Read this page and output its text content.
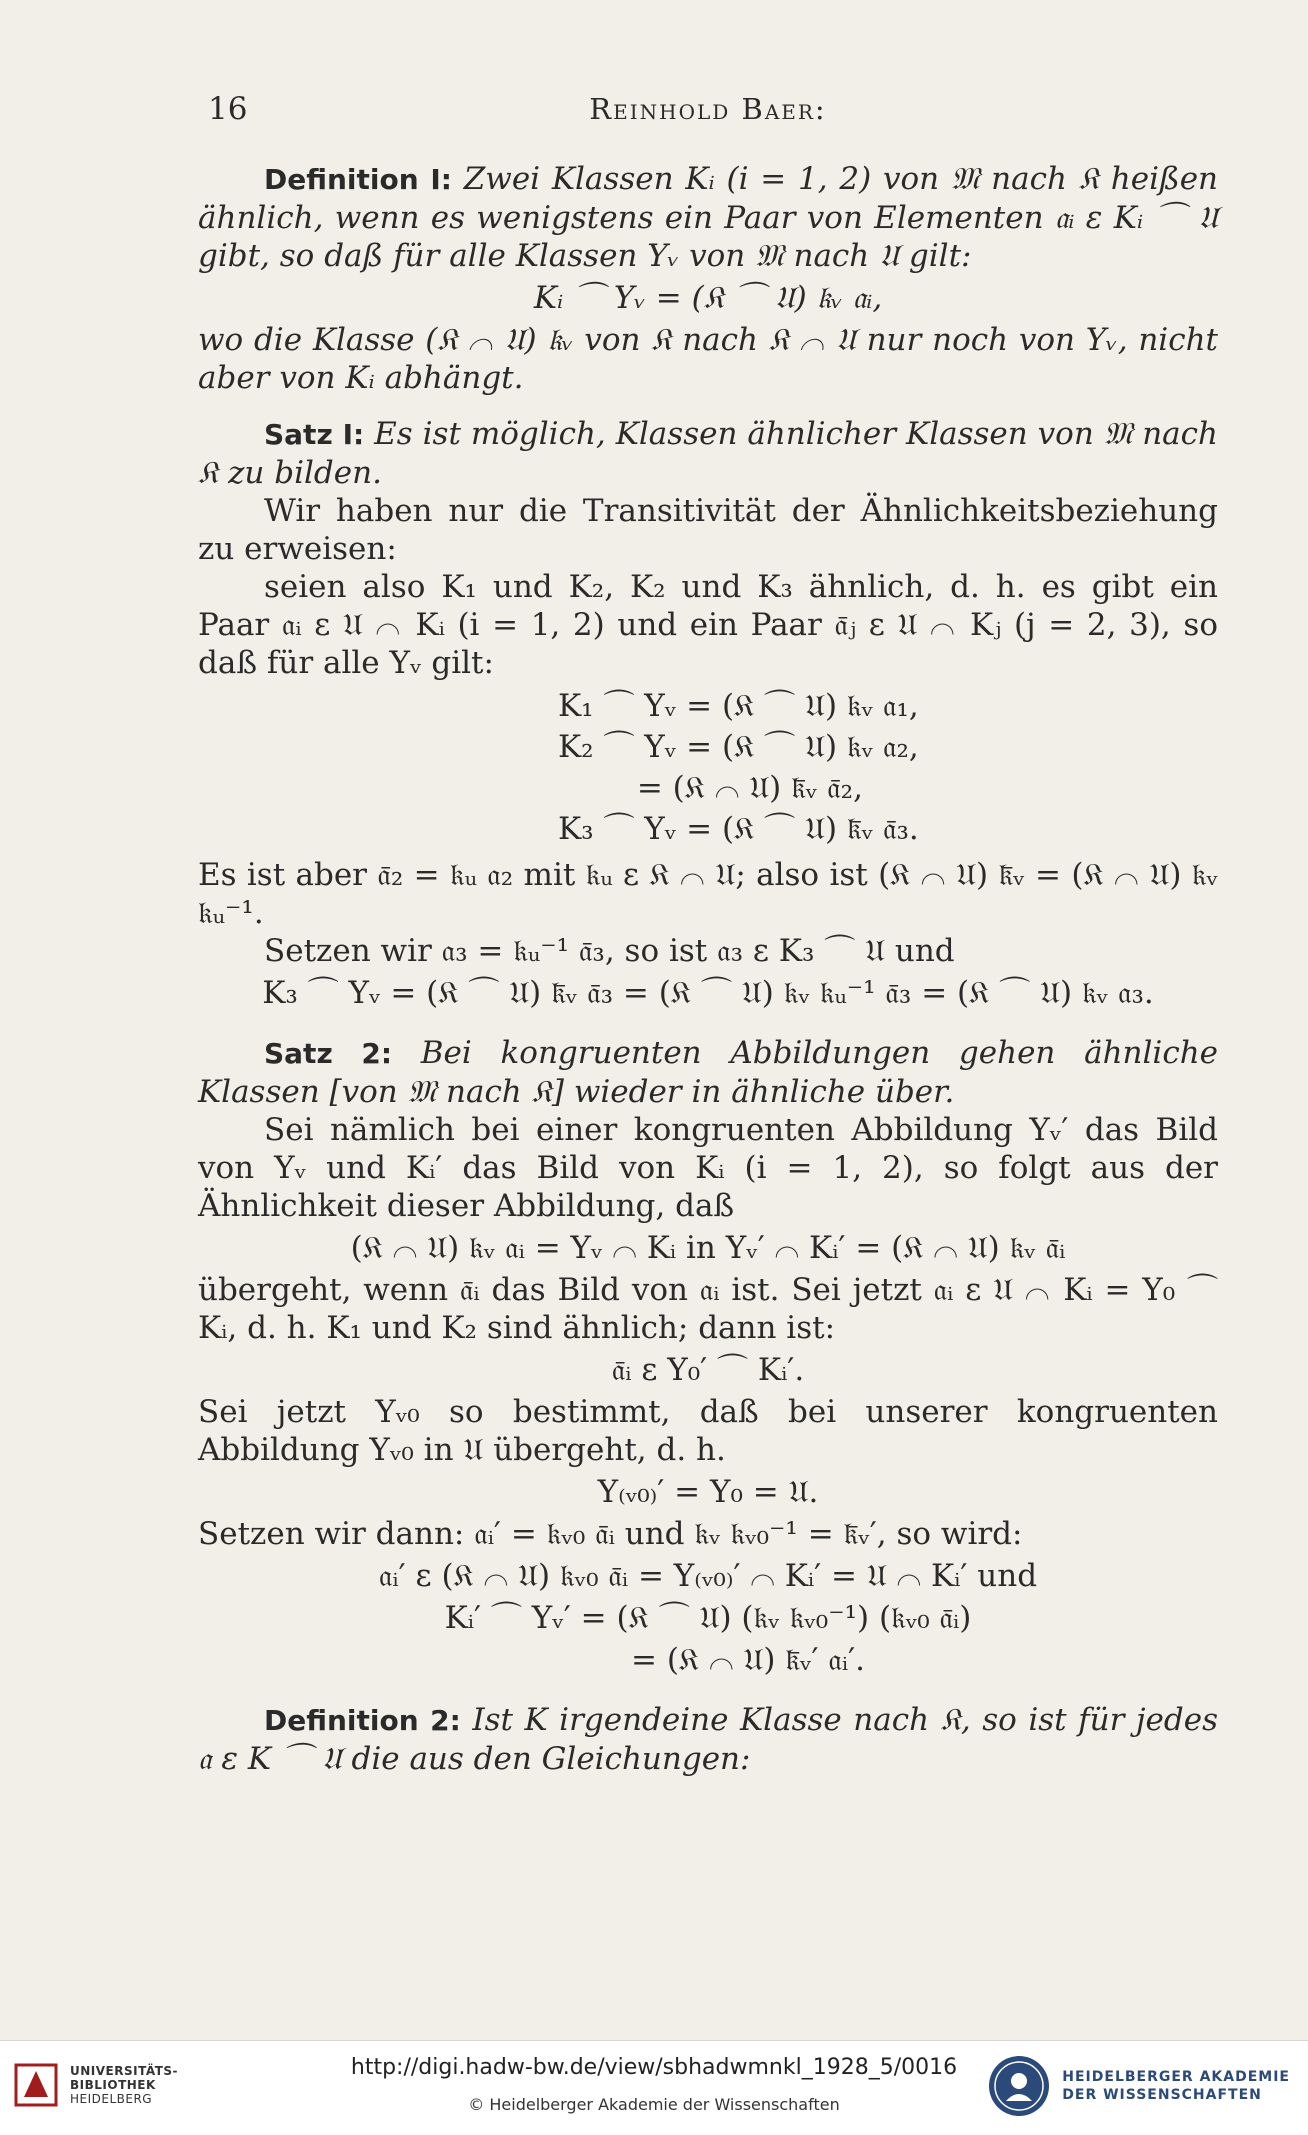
16	Reinhold Baer:

Definition I: Zwei Klassen Kᵢ (i = 1, 2) von 𝔐 nach 𝔎 heißen ähnlich, wenn es wenigstens ein Paar von Elementen 𝔞ᵢ ε Kᵢ ⌒ 𝔘 gibt, so daß für alle Klassen Yᵥ von 𝔐 nach 𝔘 gilt:

Kᵢ ⌒ Yᵥ = (𝔎 ⌒ 𝔘) 𝔨ᵥ 𝔞ᵢ,

wo die Klasse (𝔎 ⌒ 𝔘) 𝔨ᵥ von 𝔎 nach 𝔎 ⌒ 𝔘 nur noch von Yᵥ, nicht aber von Kᵢ abhängt.

Satz I: Es ist möglich, Klassen ähnlicher Klassen von 𝔐 nach 𝔎 zu bilden.

Wir haben nur die Transitivität der Ähnlichkeitsbeziehung zu erweisen:

seien also K₁ und K₂, K₂ und K₃ ähnlich, d. h. es gibt ein Paar 𝔞ᵢ ε 𝔘 ⌒ Kᵢ (i = 1, 2) und ein Paar 𝔞̄ⱼ ε 𝔘 ⌒ Kⱼ (j = 2, 3), so daß für alle Yᵥ gilt:

K₁ ⌒ Yᵥ = (𝔎 ⌒ 𝔘) 𝔨ᵥ 𝔞₁,
K₂ ⌒ Yᵥ = (𝔎 ⌒ 𝔘) 𝔨ᵥ 𝔞₂,
= (𝔎 ⌒ 𝔘) 𝔨̄ᵥ 𝔞̄₂,
K₃ ⌒ Yᵥ = (𝔎 ⌒ 𝔘) 𝔨̄ᵥ 𝔞̄₃.

Es ist aber 𝔞̄₂ = 𝔨ᵤ 𝔞₂ mit 𝔨ᵤ ε 𝔎 ⌒ 𝔘; also ist (𝔎 ⌒ 𝔘) 𝔨̄ᵥ = (𝔎 ⌒ 𝔘) 𝔨ᵥ 𝔨ᵤ⁻¹.

Setzen wir 𝔞₃ = 𝔨ᵤ⁻¹ 𝔞̄₃, so ist 𝔞₃ ε K₃ ⌒ 𝔘 und

K₃ ⌒ Yᵥ = (𝔎 ⌒ 𝔘) 𝔨̄ᵥ 𝔞̄₃ = (𝔎 ⌒ 𝔘) 𝔨ᵥ 𝔨ᵤ⁻¹ 𝔞̄₃ = (𝔎 ⌒ 𝔘) 𝔨ᵥ 𝔞₃.

Satz 2: Bei kongruenten Abbildungen gehen ähnliche Klassen [von 𝔐 nach 𝔎] wieder in ähnliche über.

Sei nämlich bei einer kongruenten Abbildung Yᵥ′ das Bild von Yᵥ und Kᵢ′ das Bild von Kᵢ (i = 1, 2), so folgt aus der Ähnlichkeit dieser Abbildung, daß

(𝔎 ⌒ 𝔘) 𝔨ᵥ 𝔞ᵢ = Yᵥ ⌒ Kᵢ in Yᵥ′ ⌒ Kᵢ′ = (𝔎 ⌒ 𝔘) 𝔨ᵥ 𝔞̄ᵢ

übergeht, wenn 𝔞̄ᵢ das Bild von 𝔞ᵢ ist. Sei jetzt 𝔞ᵢ ε 𝔘 ⌒ Kᵢ = Y₀ ⌒ Kᵢ, d. h. K₁ und K₂ sind ähnlich; dann ist:

𝔞̄ᵢ ε Y₀′ ⌒ Kᵢ′.

Sei jetzt Yᵥ₀ so bestimmt, daß bei unserer kongruenten Abbildung Yᵥ₀ in 𝔘 übergeht, d. h.

Y₍ᵥ₀₎′ = Y₀ = 𝔘.

Setzen wir dann: 𝔞ᵢ′ = 𝔨ᵥ₀ 𝔞̄ᵢ und 𝔨ᵥ 𝔨ᵥ₀⁻¹ = 𝔨̄ᵥ′, so wird:

𝔞ᵢ′ ε (𝔎 ⌒ 𝔘) 𝔨ᵥ₀ 𝔞̄ᵢ = Y₍ᵥ₀₎′ ⌒ Kᵢ′ = 𝔘 ⌒ Kᵢ′ und
Kᵢ′ ⌒ Yᵥ′ = (𝔎 ⌒ 𝔘) (𝔨ᵥ 𝔨ᵥ₀⁻¹) (𝔨ᵥ₀ 𝔞̄ᵢ)
= (𝔎 ⌒ 𝔘) 𝔨̄ᵥ′ 𝔞ᵢ′.

Definition 2: Ist K irgendeine Klasse nach 𝔎, so ist für jedes 𝔞 ε K ⌒ 𝔘 die aus den Gleichungen:

UNIVERSITÄTS-
BIBLIOTHEK
HEIDELBERG
http://digi.hadw-bw.de/view/sbhadwmnkl_1928_5/0016
© Heidelberger Akademie der Wissenschaften
HEIDELBERGER AKADEMIE
DER WISSENSCHAFTEN
